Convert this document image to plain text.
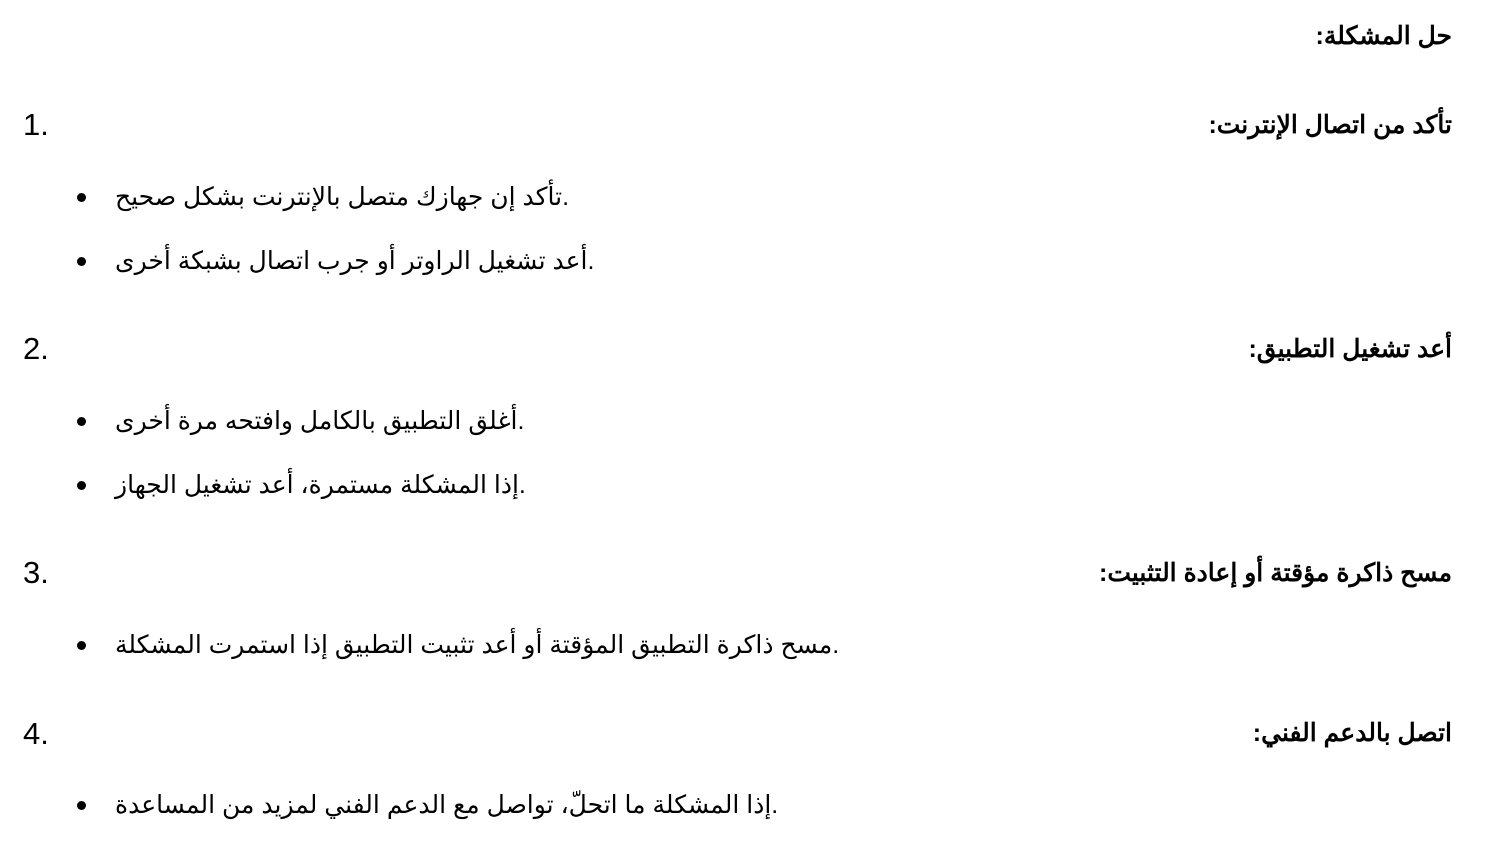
حل المشكلة:
1.	تأكد من اتصال الإنترنت:
تأكد إن جهازك متصل بالإنترنت بشكل صحيح.
أعد تشغيل الراوتر أو جرب اتصال بشبكة أخرى.
2.	أعد تشغيل التطبيق:
أغلق التطبيق بالكامل وافتحه مرة أخرى.
إذا المشكلة مستمرة، أعد تشغيل الجهاز.
3.	مسح ذاكرة مؤقتة أو إعادة التثبيت:
مسح ذاكرة التطبيق المؤقتة أو أعد تثبيت التطبيق إذا استمرت المشكلة.
4.	اتصل بالدعم الفني:
إذا المشكلة ما اتحلّ، تواصل مع الدعم الفني لمزيد من المساعدة.
